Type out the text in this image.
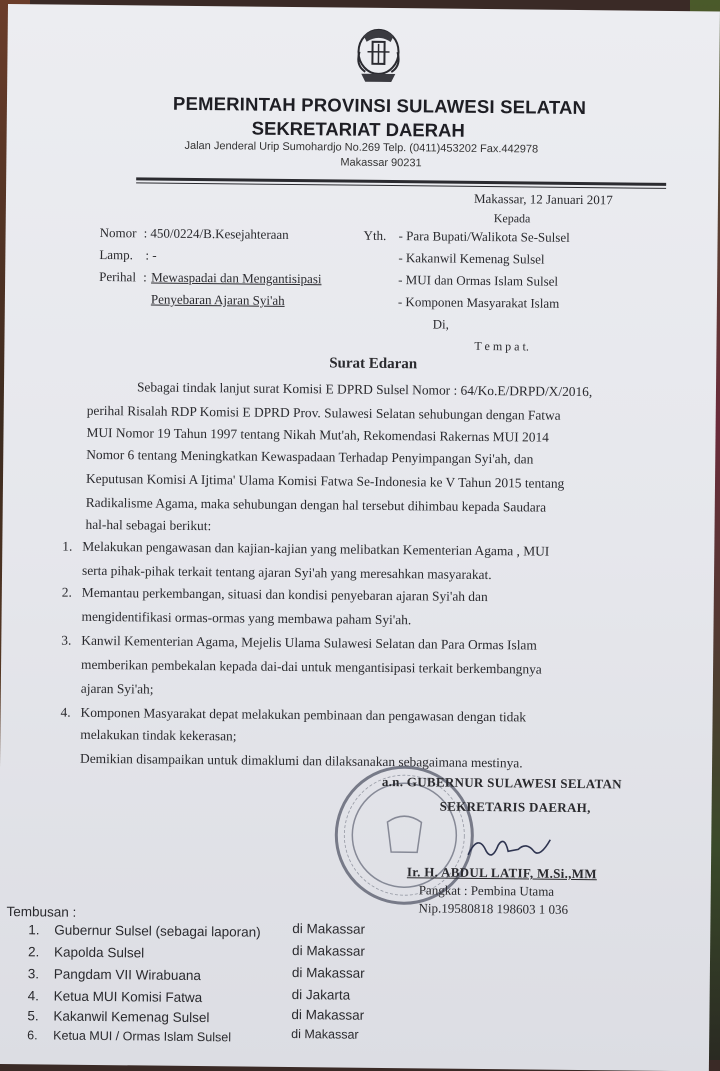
PEMERINTAH PROVINSI SULAWESI SELATAN
SEKRETARIAT DAERAH
Jalan Jenderal Urip Sumohardjo No.269 Telp. (0411)453202 Fax.442978
Makassar 90231
Makassar, 12 Januari 2017
Kepada
Nomor : 450/0224/B.Kesejahteraan
Lamp. : -
Perihal : Mewaspadai dan Mengantisipasi
Penyebaran Ajaran Syi'ah
Yth. - Para Bupati/Walikota Se-Sulsel
- Kakanwil Kemenag Sulsel
- MUI dan Ormas Islam Sulsel
- Komponen Masyarakat Islam
Di,
T e m p a t.
Surat Edaran
Sebagai tindak lanjut surat Komisi E DPRD Sulsel Nomor : 64/Ko.E/DRPD/X/2016,
perihal Risalah RDP Komisi E DPRD Prov. Sulawesi Selatan sehubungan dengan Fatwa
MUI Nomor 19 Tahun 1997 tentang Nikah Mut'ah, Rekomendasi Rakernas MUI 2014
Nomor 6 tentang Meningkatkan Kewaspadaan Terhadap Penyimpangan Syi'ah, dan
Keputusan Komisi A Ijtima' Ulama Komisi Fatwa Se-Indonesia ke V Tahun 2015 tentang
Radikalisme Agama, maka sehubungan dengan hal tersebut dihimbau kepada Saudara
hal-hal sebagai berikut:
1. Melakukan pengawasan dan kajian-kajian yang melibatkan Kementerian Agama , MUI
serta pihak-pihak terkait tentang ajaran Syi'ah yang meresahkan masyarakat.
2. Memantau perkembangan, situasi dan kondisi penyebaran ajaran Syi'ah dan
mengidentifikasi ormas-ormas yang membawa paham Syi'ah.
3. Kanwil Kementerian Agama, Mejelis Ulama Sulawesi Selatan dan Para Ormas Islam
memberikan pembekalan kepada dai-dai untuk mengantisipasi terkait berkembangnya
ajaran Syi'ah;
4. Komponen Masyarakat depat melakukan pembinaan dan pengawasan dengan tidak
melakukan tindak kekerasan;
Demikian disampaikan untuk dimaklumi dan dilaksanakan sebagaimana mestinya.
a.n. GUBERNUR SULAWESI SELATAN
SEKRETARIS DAERAH,
Ir. H. ABDUL LATIF, M.Si.,MM
Pangkat : Pembina Utama
Nip.19580818 198603 1 036
Tembusan :
1. Gubernur Sulsel (sebagai laporan) di Makassar
2. Kapolda Sulsel	di Makassar
3. Pangdam VII Wirabuana	di Makassar
4. Ketua MUI Komisi Fatwa	di Jakarta
5. Kakanwil Kemenag Sulsel	di Makassar
6. Ketua MUI / Ormas Islam Sulsel	di Makassar
